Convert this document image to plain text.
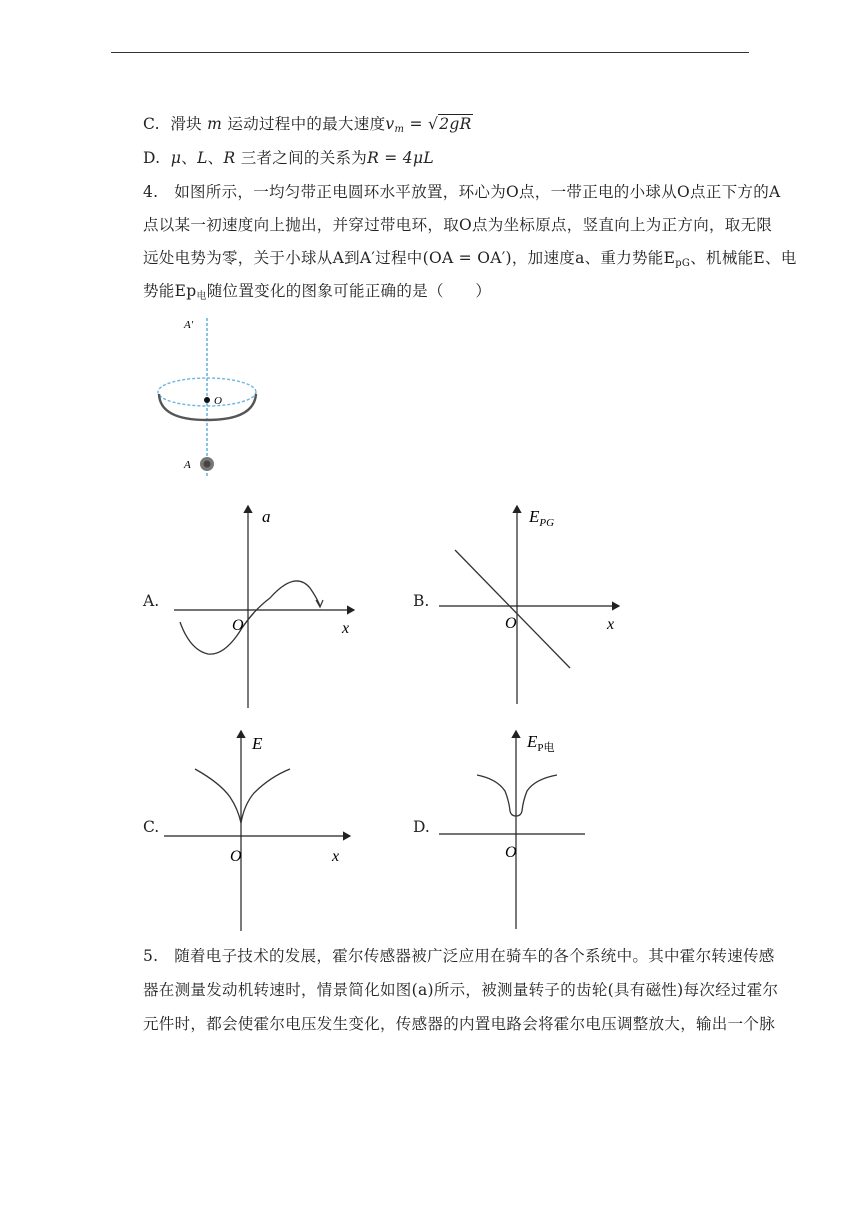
C. 滑块 m 运动过程中的最大速度$v_m = √2gR$
D. μ、L、R 三者之间的关系为R = 4μL
4.　如图所示，一均匀带正电圆环水平放置，环心为O点，一带正电的小球从O点正下方的A
点以某一初速度向上抛出，并穿过带电环，取O点为坐标原点，竖直向上为正方向，取无限
远处电势为零，关于小球从A到A′过程中(OA = OA′)，加速度a、重力势能$E_{pG}$、机械能E、电
势能$Ep_电$随位置变化的图象可能正确的是（　　）
A′
O
A
A.
a
x
O
B.
$E_{PG}$
x
O
C.
E
x
O
D.
$E_{P电}$
O
5.　随着电子技术的发展，霍尔传感器被广泛应用在骑车的各个系统中。其中霍尔转速传感
器在测量发动机转速时，情景简化如图(a)所示，被测量转子的齿轮(具有磁性)每次经过霍尔
元件时，都会使霍尔电压发生变化，传感器的内置电路会将霍尔电压调整放大，输出一个脉
